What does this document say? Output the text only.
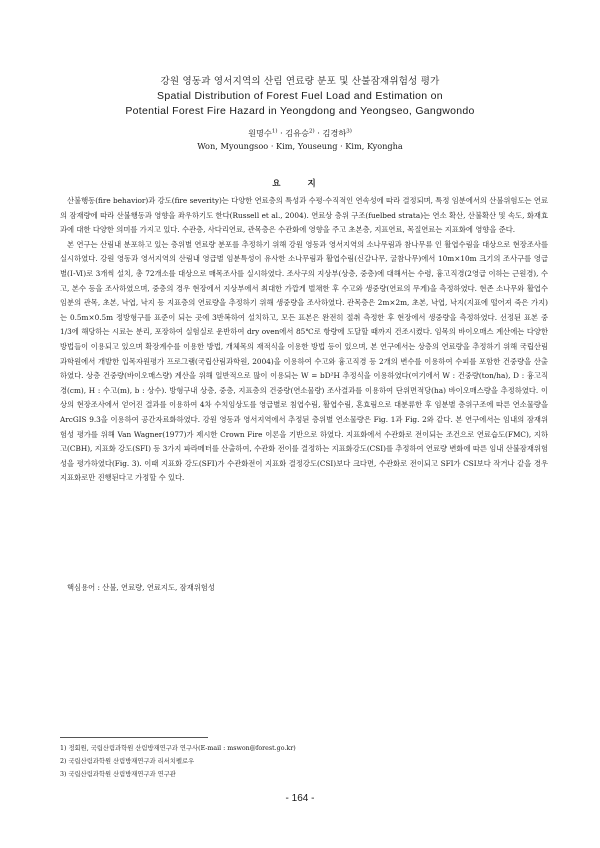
강원 영동과 영서지역의 산림 연료량 분포 및 산불잠재위험성 평가
Spatial Distribution of Forest Fuel Load and Estimation on
Potential Forest Fire Hazard in Yeongdong and Yeongseo, Gangwondo
원명수$^{1)}$ · 김유승$^{2)}$ · 김경하$^{3)}$
Won, Myoungsoo · Kim, Youseung · Kim, Kyongha
요 지

산불행동(fire behavior)과 강도(fire severity)는 다양한 연료층의 특성과 수평·수직적인 연속성에 따라 결정되며, 특정 임분에서의 산불위험도는 연료의 잠재량에 따라 산불행동과 영향을 좌우하기도 한다(Russell et al., 2004). 연료상 층위 구조(fuelbed strata)는 연소 확산, 산불확산 및 속도, 화재효과에 대한 다양한 의미를 가지고 있다. 수관층, 사다리연료, 관목층은 수관화에 영향을 주고 초본층, 지표연료, 목질연료는 지표화에 영향을 준다.

본 연구는 산림내 분포하고 있는 층위별 연료량 분포를 추정하기 위해 강원 영동과 영서지역의 소나무림과 참나무류 인 활엽수림을 대상으로 현장조사를 실시하였다. 강원 영동과 영서지역의 산림내 영급별 임분특성이 유사한 소나무림과 활엽수림(신갈나무, 굴참나무)에서 10m×10m 크기의 조사구를 영급별(Ⅰ-Ⅵ)로 3개씩 설치, 총 72개소를 대상으로 매목조사를 실시하였다. 조사구의 지상부(상층, 중층)에 대해서는 수령, 흉고직경(2영급 이하는 근원경), 수고, 본수 등을 조사하였으며, 중층의 경우 현장에서 지상부에서 최대한 가깝게 벌채한 후 수고와 생중량(연료의 무게)을 측정하였다. 현존 소나무와 활엽수 임분의 관목, 초본, 낙엽, 낙지 등 지표층의 연료량을 추정하기 위해 생중량을 조사하였다. 관목층은 2m×2m, 초본, 낙엽, 낙지(지표에 떨어져 죽은 가지)는 0.5m×0.5m 정방형구를 표준이 되는 곳에 3반복하여 설치하고, 모든 표본은 완전히 절취 측정한 후 현장에서 생중량을 측정하였다. 선정된 표본 중 1/3에 해당하는 시료는 분리, 포장하여 실험실로 운반하여 dry oven에서 85℃로 항량에 도달할 때까지 건조시켰다. 임목의 바이오매스 계산에는 다양한 방법들이 이용되고 있으며 확장계수를 이용한 방법, 개체목의 재적식을 이용한 방법 등이 있으며, 본 연구에서는 상층의 연료량을 추정하기 위해 국립산림과학원에서 개발한 입목자원평가 프로그램(국립산림과학원, 2004)을 이용하여 수고와 흉고직경 등 2개의 변수를 이용하여 수피를 포함한 건중량을 산출하였다. 상층 건중량(바이오매스량) 계산을 위해 일반적으로 많이 이용되는 W = bD²H 추정식을 이용하였다(여기에서 W : 건중량(ton/ha), D : 흉고직경(cm), H : 수고(m), b : 상수). 방형구내 상층, 중층, 지표층의 건중량(연소물량) 조사결과를 이용하여 단위면적당(ha) 바이오매스량을 추정하였다. 이상의 현장조사에서 얻어진 결과를 이용하여 4차 수치임상도를 영급별로 침엽수림, 활엽수림, 혼효림으로 대분류한 후 임분별 층위구조에 따른 연소물량을 ArcGIS 9.3을 이용하여 공간자료화하였다. 강원 영동과 영서지역에서 추정된 층위별 연소물량은 Fig. 1과 Fig. 2와 같다. 본 연구에서는 임내의 잠재위험성 평가를 위해 Van Wagner(1977)가 제시한 Crown Fire 이론을 기반으로 하였다. 지표화에서 수관화로 전이되는 조건으로 연료습도(FMC), 지하고(CBH), 지표화 강도(SFI) 등 3가지 파라메터를 산출하여, 수관화 전이를 결정하는 지표화강도(CSI)를 추정하여 연료량 변화에 따른 임내 산불잠재위험성을 평가하였다(Fig. 3). 이때 지표화 강도(SFI)가 수관화전이 지표화 결정강도(CSI)보다 크다면, 수관화로 전이되고 SFI가 CSI보다 작거나 같을 경우 지표화로만 진행된다고 가정할 수 있다.

핵심용어 : 산불, 연료량, 연료지도, 잠재위험성
1) 정회원, 국립산림과학원 산림방재연구과 연구사(E-mail : mswon@forest.go.kr)
2) 국립산림과학원 산림방재연구과 리서치펠로우
3) 국립산림과학원 산림방재연구과 연구관
- 164 -
